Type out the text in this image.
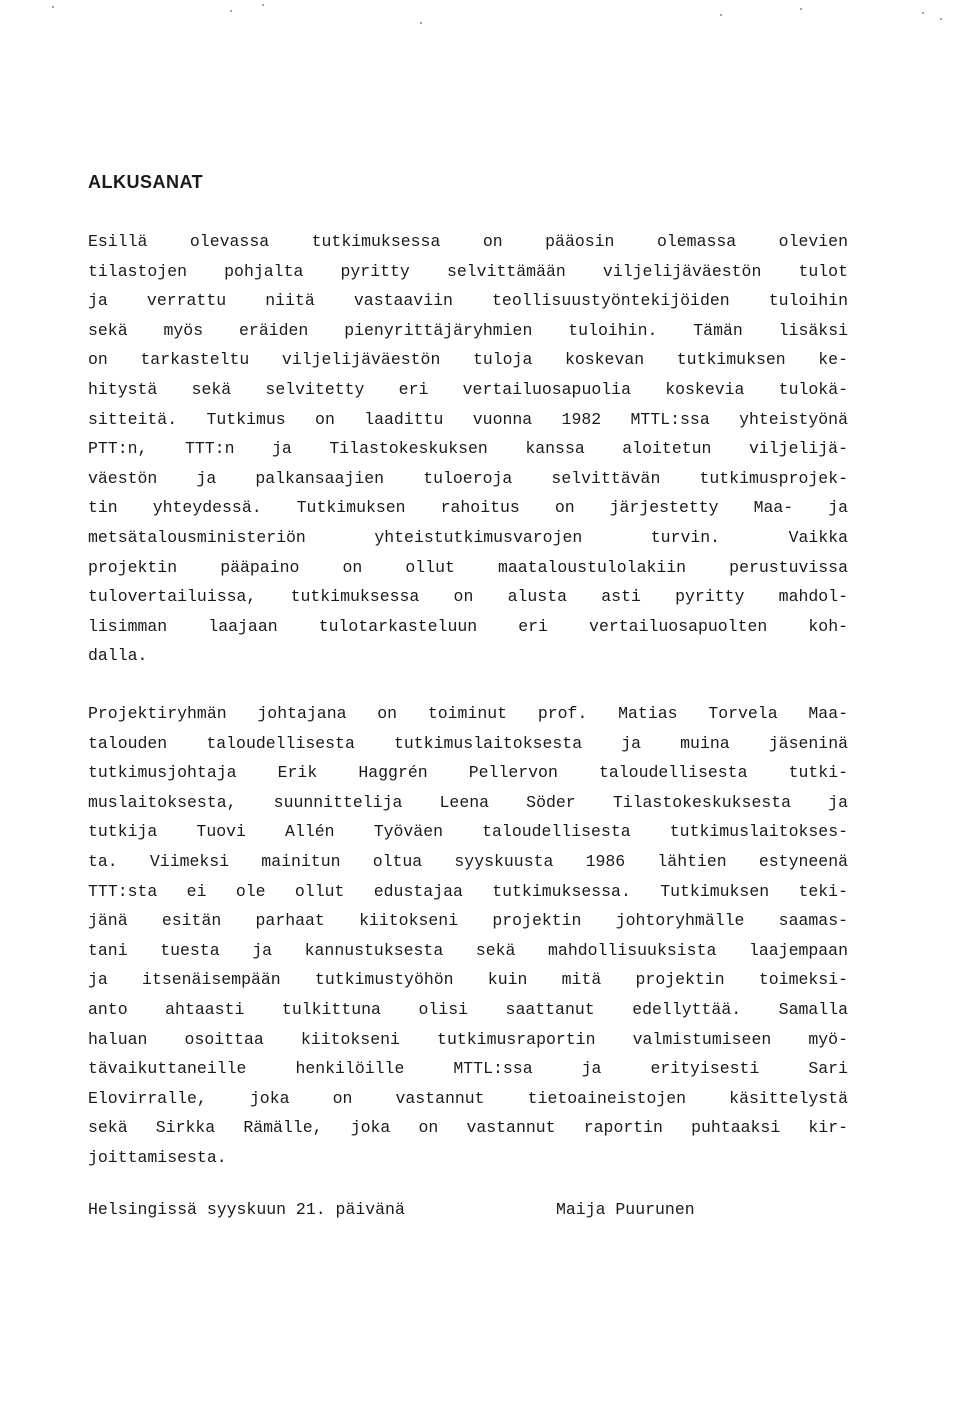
ALKUSANAT
Esillä olevassa tutkimuksessa on pääosin olemassa olevien
tilastojen pohjalta pyritty selvittämään viljelijäväestön tulot
ja verrattu niitä vastaaviin teollisuustyöntekijöiden tuloihin
sekä myös eräiden pienyrittäjäryhmien tuloihin. Tämän lisäksi
on tarkasteltu viljelijäväestön tuloja koskevan tutkimuksen ke-
hitystä sekä selvitetty eri vertailuosapuolia koskevia tulokä-
sitteitä. Tutkimus on laadittu vuonna 1982 MTTL:ssa yhteistyönä
PTT:n, TTT:n ja Tilastokeskuksen kanssa aloitetun viljelijä-
väestön ja palkansaajien tuloeroja selvittävän tutkimusprojek-
tin yhteydessä. Tutkimuksen rahoitus on järjestetty Maa- ja
metsätalousministeriön yhteistutkimusvarojen turvin. Vaikka
projektin pääpaino on ollut maataloustulolakiin perustuvissa
tulovertailuissa, tutkimuksessa on alusta asti pyritty mahdol-
lisimman laajaan tulotarkasteluun eri vertailuosapuolten koh-
dalla.
Projektiryhmän johtajana on toiminut prof. Matias Torvela Maa-
talouden taloudellisesta tutkimuslaitoksesta ja muina jäseninä
tutkimusjohtaja Erik Haggrén Pellervon taloudellisesta tutki-
muslaitoksesta, suunnittelija Leena Söder Tilastokeskuksesta ja
tutkija Tuovi Allén Työväen taloudellisesta tutkimuslaitokses-
ta. Viimeksi mainitun oltua syyskuusta 1986 lähtien estyneenä
TTT:sta ei ole ollut edustajaa tutkimuksessa. Tutkimuksen teki-
jänä esitän parhaat kiitokseni projektin johtoryhmälle saamas-
tani tuesta ja kannustuksesta sekä mahdollisuuksista laajempaan
ja itsenäisempään tutkimustyöhön kuin mitä projektin toimeksi-
anto ahtaasti tulkittuna olisi saattanut edellyttää. Samalla
haluan osoittaa kiitokseni tutkimusraportin valmistumiseen myö-
tävaikuttaneille henkilöille MTTL:ssa ja erityisesti Sari
Elovirralle, joka on vastannut tietoaineistojen käsittelystä
sekä Sirkka Rämälle, joka on vastannut raportin puhtaaksi kir-
joittamisesta.
Helsingissä syyskuun 21. päivänä	Maija Puurunen
